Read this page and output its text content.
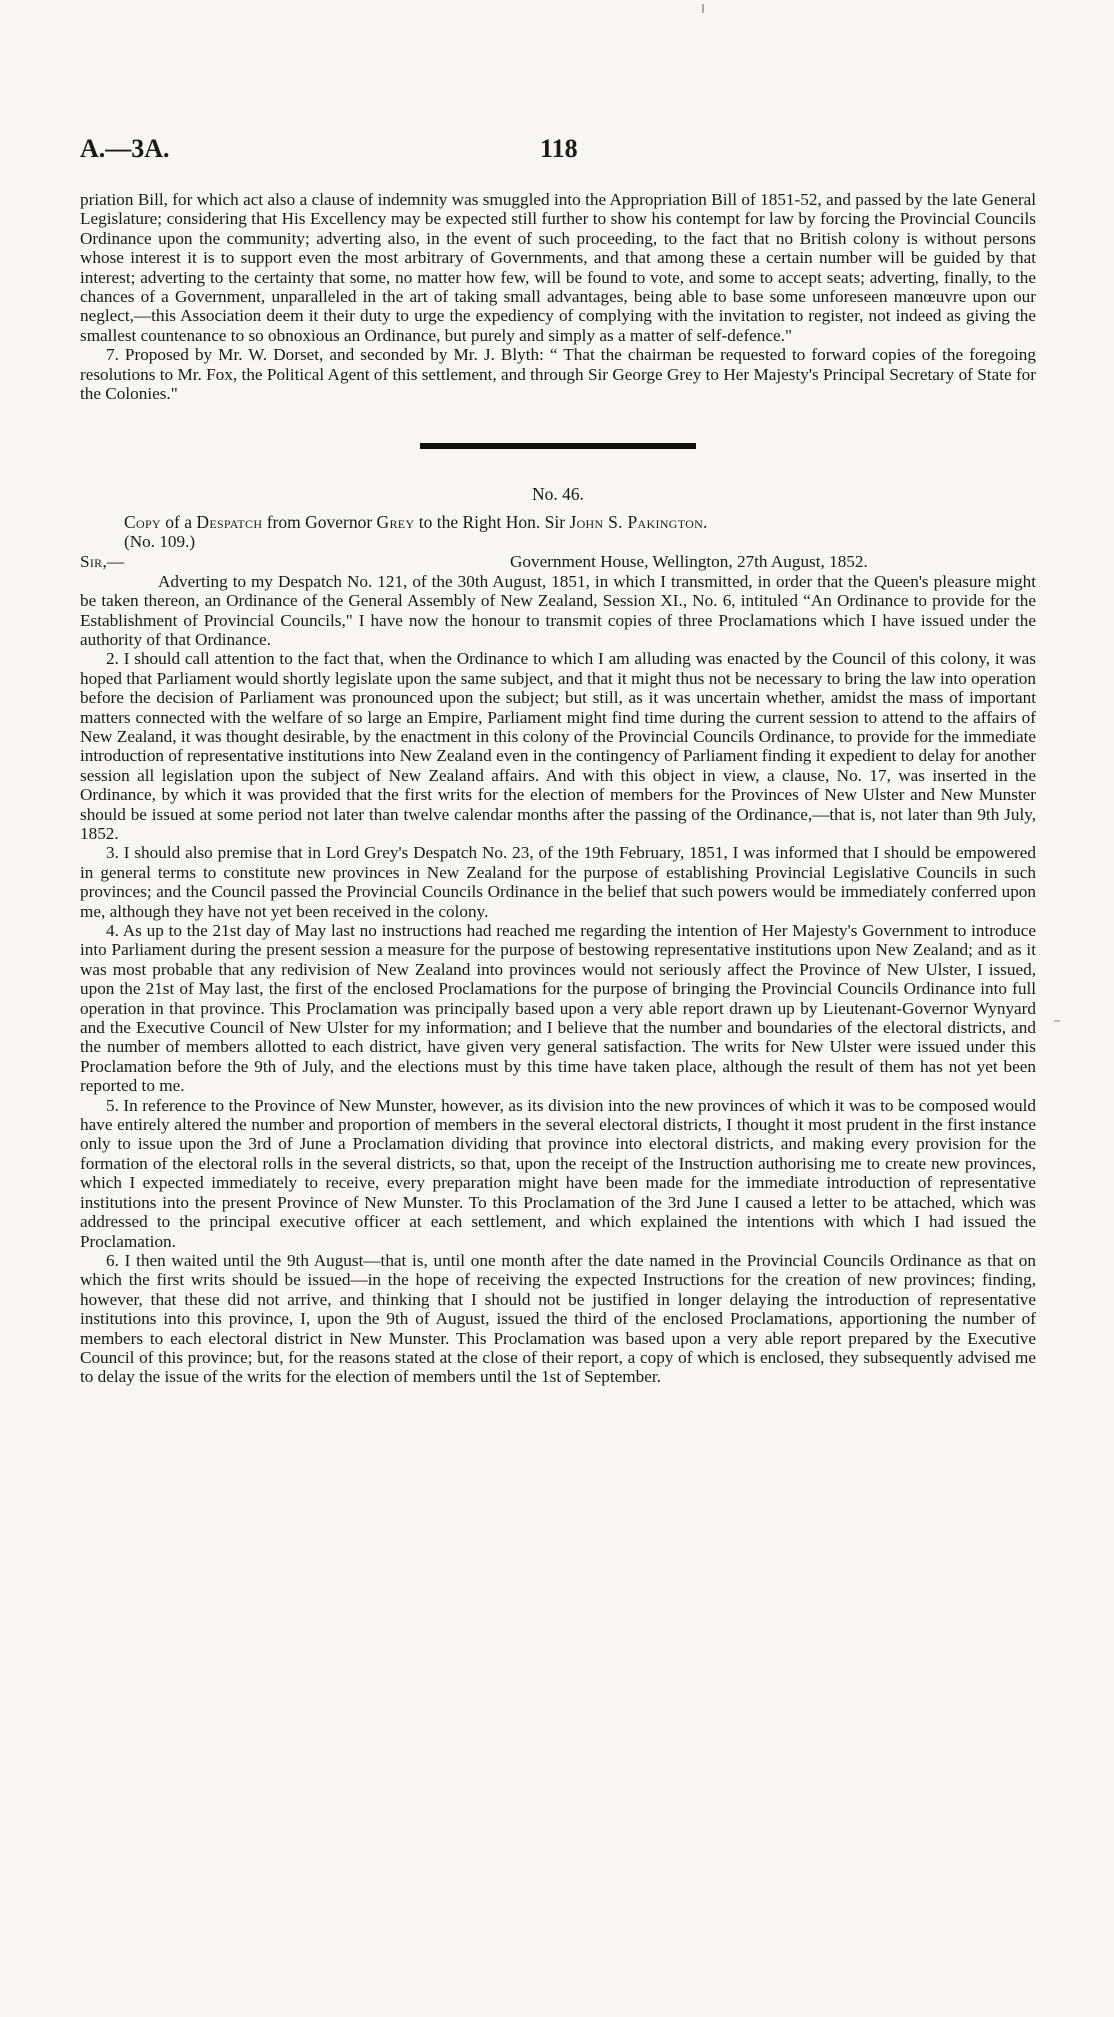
A.—3A.	118

priation Bill, for which act also a clause of indemnity was smuggled into the Appropriation Bill of 1851-52, and passed by the late General Legislature; considering that His Excellency may be expected still further to show his contempt for law by forcing the Provincial Councils Ordinance upon the community; adverting also, in the event of such proceeding, to the fact that no British colony is without persons whose interest it is to support even the most arbitrary of Governments, and that among these a certain number will be guided by that interest; adverting to the certainty that some, no matter how few, will be found to vote, and some to accept seats; adverting, finally, to the chances of a Government, unparalleled in the art of taking small advantages, being able to base some unforeseen manœuvre upon our neglect,—this Association deem it their duty to urge the expediency of complying with the invitation to register, not indeed as giving the smallest countenance to so obnoxious an Ordinance, but purely and simply as a matter of self-defence."

7. Proposed by Mr. W. Dorset, and seconded by Mr. J. Blyth: “ That the chairman be requested to forward copies of the foregoing resolutions to Mr. Fox, the Political Agent of this settlement, and through Sir George Grey to Her Majesty's Principal Secretary of State for the Colonies."

No. 46.
Copy of a Despatch from Governor Grey to the Right Hon. Sir John S. Pakington.
(No. 109.)
Sir,—	Government House, Wellington, 27th August, 1852.

Adverting to my Despatch No. 121, of the 30th August, 1851, in which I transmitted, in order that the Queen's pleasure might be taken thereon, an Ordinance of the General Assembly of New Zealand, Session XI., No. 6, intituled “An Ordinance to provide for the Establishment of Provincial Councils," I have now the honour to transmit copies of three Proclamations which I have issued under the authority of that Ordinance.

2. I should call attention to the fact that, when the Ordinance to which I am alluding was enacted by the Council of this colony, it was hoped that Parliament would shortly legislate upon the same subject, and that it might thus not be necessary to bring the law into operation before the decision of Parliament was pronounced upon the subject; but still, as it was uncertain whether, amidst the mass of important matters connected with the welfare of so large an Empire, Parliament might find time during the current session to attend to the affairs of New Zealand, it was thought desirable, by the enactment in this colony of the Provincial Councils Ordinance, to provide for the immediate introduction of representative institutions into New Zealand even in the contingency of Parliament finding it expedient to delay for another session all legislation upon the subject of New Zealand affairs. And with this object in view, a clause, No. 17, was inserted in the Ordinance, by which it was provided that the first writs for the election of members for the Provinces of New Ulster and New Munster should be issued at some period not later than twelve calendar months after the passing of the Ordinance,—that is, not later than 9th July, 1852.

3. I should also premise that in Lord Grey's Despatch No. 23, of the 19th February, 1851, I was informed that I should be empowered in general terms to constitute new provinces in New Zealand for the purpose of establishing Provincial Legislative Councils in such provinces; and the Council passed the Provincial Councils Ordinance in the belief that such powers would be immediately conferred upon me, although they have not yet been received in the colony.

4. As up to the 21st day of May last no instructions had reached me regarding the intention of Her Majesty's Government to introduce into Parliament during the present session a measure for the purpose of bestowing representative institutions upon New Zealand; and as it was most probable that any redivision of New Zealand into provinces would not seriously affect the Province of New Ulster, I issued, upon the 21st of May last, the first of the enclosed Proclamations for the purpose of bringing the Provincial Councils Ordinance into full operation in that province. This Proclamation was principally based upon a very able report drawn up by Lieutenant-Governor Wynyard and the Executive Council of New Ulster for my information; and I believe that the number and boundaries of the electoral districts, and the number of members allotted to each district, have given very general satisfaction. The writs for New Ulster were issued under this Proclamation before the 9th of July, and the elections must by this time have taken place, although the result of them has not yet been reported to me.

5. In reference to the Province of New Munster, however, as its division into the new provinces of which it was to be composed would have entirely altered the number and proportion of members in the several electoral districts, I thought it most prudent in the first instance only to issue upon the 3rd of June a Proclamation dividing that province into electoral districts, and making every provision for the formation of the electoral rolls in the several districts, so that, upon the receipt of the Instruction authorising me to create new provinces, which I expected immediately to receive, every preparation might have been made for the immediate introduction of representative institutions into the present Province of New Munster. To this Proclamation of the 3rd June I caused a letter to be attached, which was addressed to the principal executive officer at each settlement, and which explained the intentions with which I had issued the Proclamation.

6. I then waited until the 9th August—that is, until one month after the date named in the Provincial Councils Ordinance as that on which the first writs should be issued—in the hope of receiving the expected Instructions for the creation of new provinces; finding, however, that these did not arrive, and thinking that I should not be justified in longer delaying the introduction of representative institutions into this province, I, upon the 9th of August, issued the third of the enclosed Proclamations, apportioning the number of members to each electoral district in New Munster. This Proclamation was based upon a very able report prepared by the Executive Council of this province; but, for the reasons stated at the close of their report, a copy of which is enclosed, they subsequently advised me to delay the issue of the writs for the election of members until the 1st of September.
